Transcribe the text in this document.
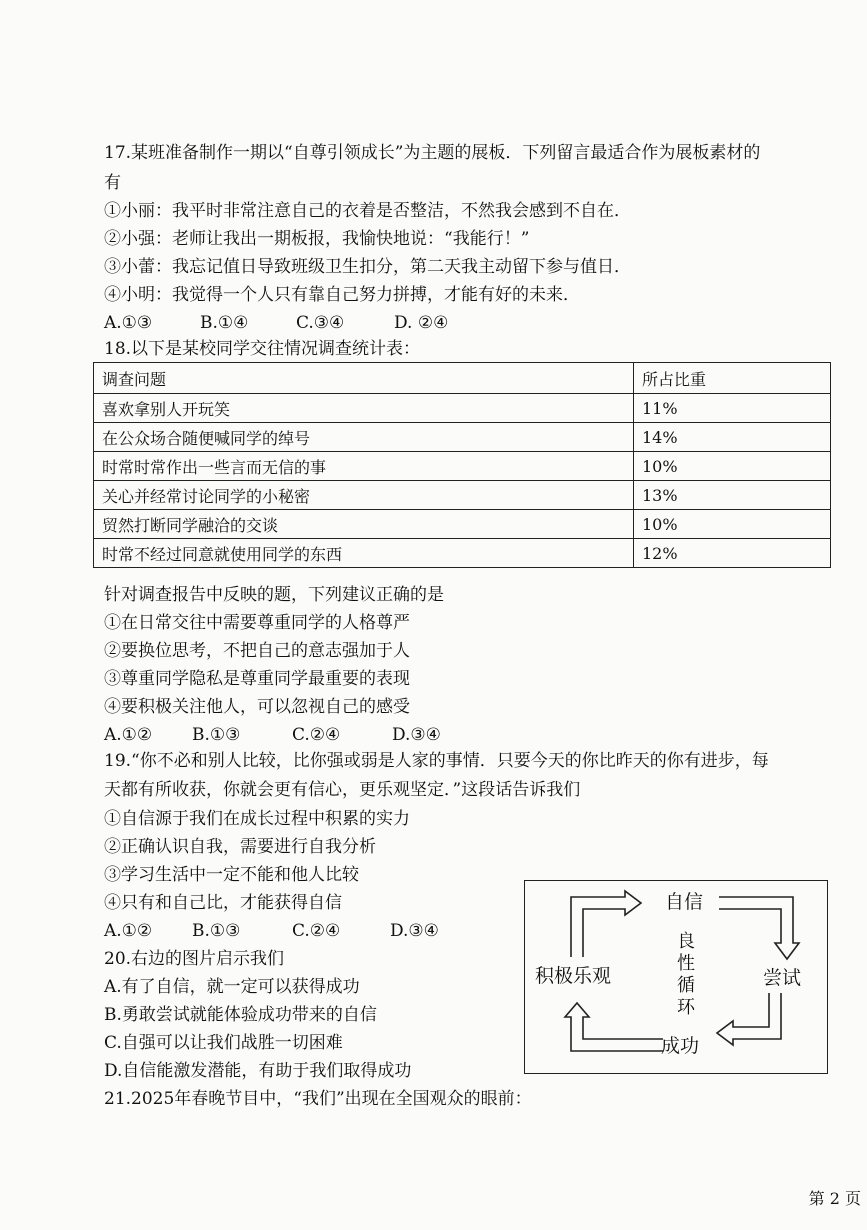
17.某班准备制作一期以“自尊引领成长”为主题的展板．下列留言最适合作为展板素材的
有
①小丽：我平时非常注意自己的衣着是否整洁，不然我会感到不自在．
②小强：老师让我出一期板报，我愉快地说：“我能行！”
③小蕾：我忘记值日导致班级卫生扣分，第二天我主动留下参与值日．
④小明：我觉得一个人只有靠自己努力拼搏，才能有好的未来．
A.①③	B.①④	C.③④	D. ②④
18.以下是某校同学交往情况调查统计表：
调查问题	所占比重
喜欢拿别人开玩笑	11%
在公众场合随便喊同学的绰号	14%
时常时常作出一些言而无信的事	10%
关心并经常讨论同学的小秘密	13%
贸然打断同学融洽的交谈	10%
时常不经过同意就使用同学的东西	12%
针对调查报告中反映的题，下列建议正确的是
①在日常交往中需要尊重同学的人格尊严
②要换位思考，不把自己的意志强加于人
③尊重同学隐私是尊重同学最重要的表现
④要积极关注他人，可以忽视自己的感受
A.①② B.①③	C.②④	D.③④
19.“你不必和别人比较，比你强或弱是人家的事情．只要今天的你比昨天的你有进步，每
天都有所收获，你就会更有信心，更乐观坚定．”这段话告诉我们
①自信源于我们在成长过程中积累的实力
②正确认识自我，需要进行自我分析
③学习生活中一定不能和他人比较
④只有和自己比，才能获得自信
A.①② B.①③	C.②④	D.③④
20.右边的图片启示我们
A.有了自信，就一定可以获得成功
B.勇敢尝试就能体验成功带来的自信
C.自强可以让我们战胜一切困难
D.自信能激发潜能，有助于我们取得成功
自信
尝试
成功
积极乐观
良
性
循
环
21.2025年春晚节目中，“我们”出现在全国观众的眼前：
第 2 页
